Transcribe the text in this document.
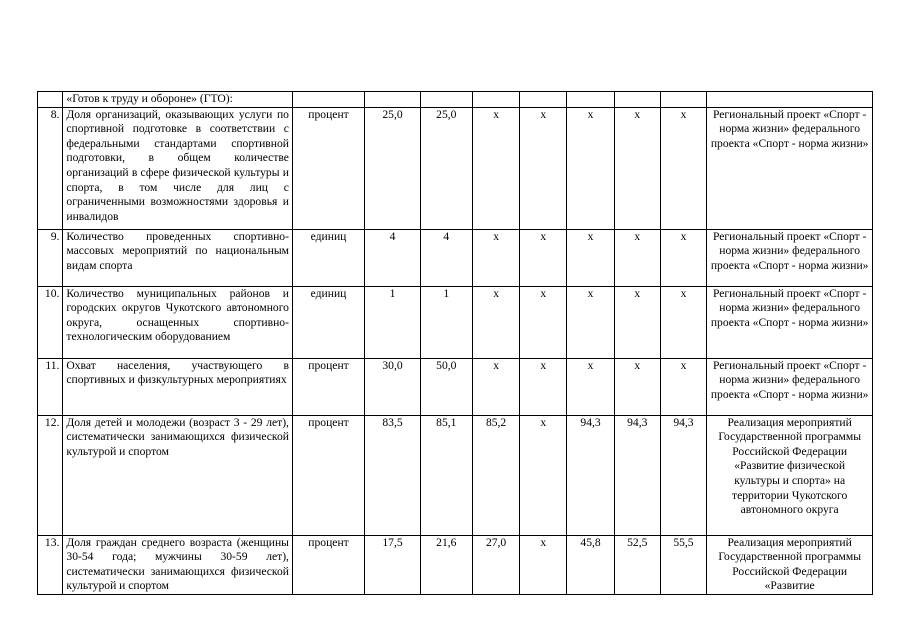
	«Готов к труду и обороне» (ГТО):									
8.	Доля организаций, оказывающих услуги по спортивной подготовке в соответствии с федеральными стандартами спортивной подготовки, в общем количестве организаций в сфере физической культуры и спорта, в том числе для лиц с ограниченными возможностями здоровья и инвалидов	процент	25,0	25,0	x	x	x	x	x	Региональный проект «Спорт - норма жизни» федерального проекта «Спорт - норма жизни»
9.	Количество проведенных спортивно-массовых мероприятий по национальным видам спорта	единиц	4	4	x	x	x	x	x	Региональный проект «Спорт - норма жизни» федерального проекта «Спорт - норма жизни»
10.	Количество муниципальных районов и городских округов Чукотского автономного округа, оснащенных спортивно-технологическим оборудованием	единиц	1	1	x	x	x	x	x	Региональный проект «Спорт - норма жизни» федерального проекта «Спорт - норма жизни»
11.	Охват населения, участвующего в спортивных и физкультурных мероприятиях	процент	30,0	50,0	x	x	x	x	x	Региональный проект «Спорт - норма жизни» федерального проекта «Спорт - норма жизни»
12.	Доля детей и молодежи (возраст 3 - 29 лет), систематически занимающихся физической культурой и спортом	процент	83,5	85,1	85,2	x	94,3	94,3	94,3	Реализация мероприятий Государственной программы Российской Федерации «Развитие физической культуры и спорта» на территории Чукотского автономного округа
13.	Доля граждан среднего возраста (женщины 30-54 года; мужчины 30-59 лет), систематически занимающихся физической культурой и спортом	процент	17,5	21,6	27,0	x	45,8	52,5	55,5	Реализация мероприятий Государственной программы Российской Федерации «Развитие
